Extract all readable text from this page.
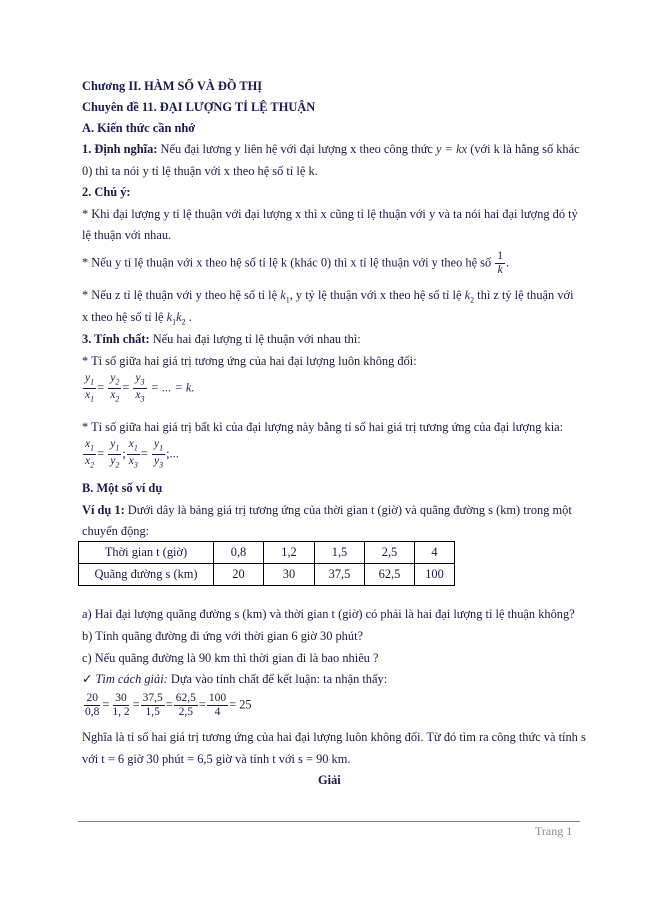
Chương II. HÀM SỐ VÀ ĐỒ THỊ
Chuyên đề 11. ĐẠI LƯỢNG TỈ LỆ THUẬN
A. Kiến thức cần nhớ
1. Định nghĩa: Nếu đại lương y liên hệ với đại lượng x theo công thức y = kx (với k là hằng số khác
0) thì ta nói y tỉ lệ thuận với x theo hệ số tỉ lệ k.
2. Chú ý:
* Khi đại lượng y tỉ lệ thuận với đại lượng x thì x cũng tỉ lệ thuận với y và ta nói hai đại lượng đó tỷ
lệ thuận với nhau.
* Nếu y tỉ lệ thuận với x theo hệ số tỉ lệ k (khác 0) thì x tỉ lệ thuận với y theo hệ số $\frac{1}{k}$ .
* Nếu z tỉ lệ thuận với y theo hệ số tỉ lệ $k_1$, y tỷ lệ thuận với x theo hệ số tỉ lệ $k_2$ thì z tỷ lệ thuận với
x theo hệ số tỉ lệ $k_1k_2$ .
3. Tính chất: Nếu hai đại lượng tỉ lệ thuận với nhau thì:
* Tỉ số giữa hai giá trị tương ứng của hai đại lượng luôn không đổi:
$\frac{y_1}{x_1} = \frac{y_2}{x_2} = \frac{y_3}{x_3}$ = ... = k.
* Tỉ số giữa hai giá trị bất kì của đại lượng này bằng tỉ số hai giá trị tương ứng của đại lượng kia:
$\frac{x_1}{x_2} = \frac{y_1}{y_2}$ ; $\frac{x_1}{x_3} = \frac{y_1}{y_3}$ ;...
B. Một số ví dụ
Ví dụ 1: Dưới dây là bảng giá trị tương ứng của thời gian t (giờ) và quãng đường s (km) trong một
chuyển động:
Thời gian t (giờ)	0,8	1,2	1,5	2,5	4
Quãng đường s (km)	20	30	37,5	62,5	100
a) Hai đại lượng quãng đường s (km) và thời gian t (giờ) có phải là hai đại lượng tỉ lệ thuận không?
b) Tính quãng đường đi ứng với thời gian 6 giờ 30 phút?
c) Nếu quãng đường là 90 km thì thời gian đi là bao nhiêu ?
✓ Tìm cách giải: Dựa vào tính chất để kết luận: ta nhận thấy:
$\frac{20}{0,8} = \frac{30}{1, 2} = \frac{37,5}{1,5} = \frac{62,5}{2,5} = \frac{100}{4} = 25$
Nghĩa là tỉ số hai giá trị tương ứng của hai đại lượng luôn không đổi. Từ đó tìm ra công thức và tính s
với t = 6 giờ 30 phút = 6,5 giờ và tính t với s = 90 km.
Giải
Trang 1
